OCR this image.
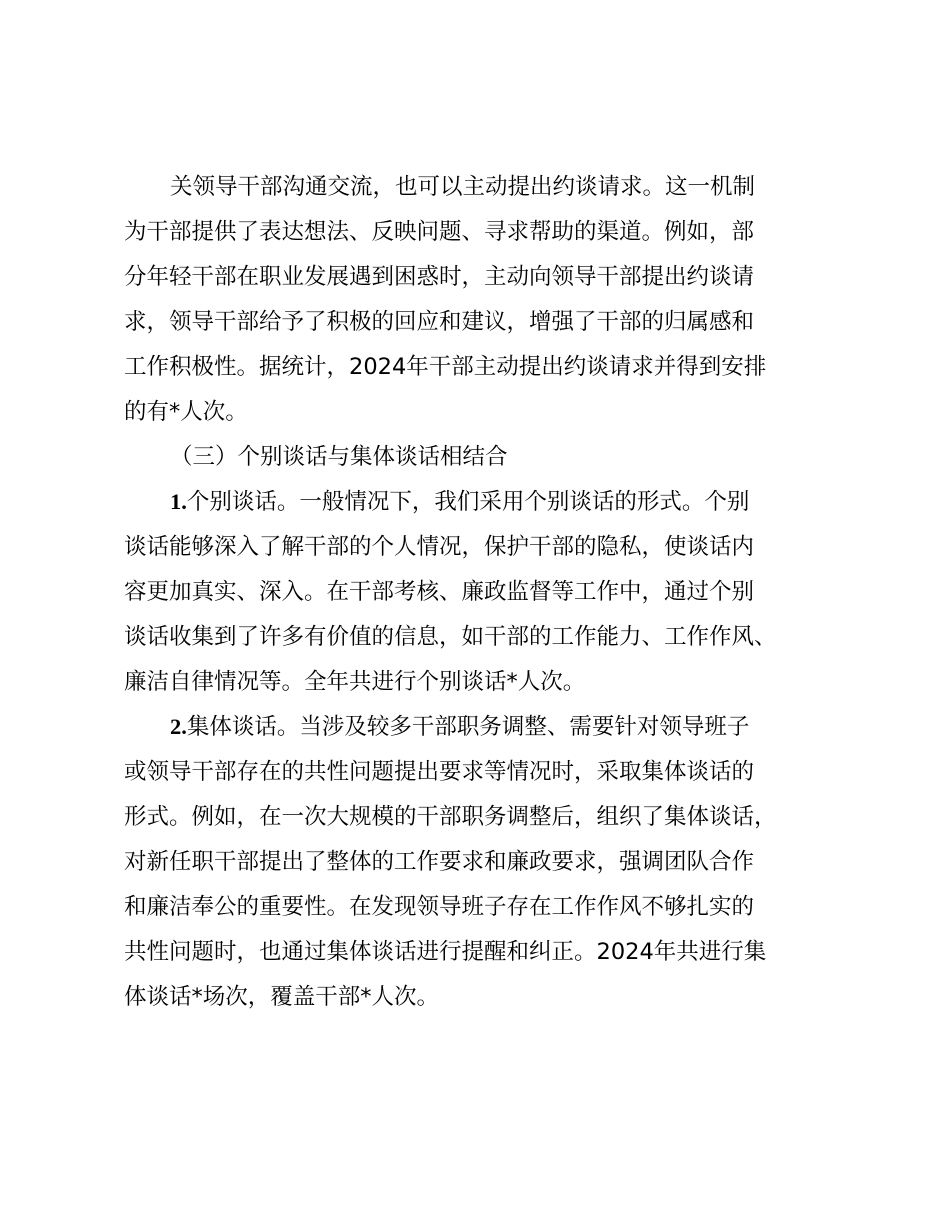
关领导干部沟通交流，也可以主动提出约谈请求。这一机制

为干部提供了表达想法、反映问题、寻求帮助的渠道。例如，部

分年轻干部在职业发展遇到困惑时，主动向领导干部提出约谈请

求，领导干部给予了积极的回应和建议，增强了干部的归属感和

工作积极性。据统计，2024年干部主动提出约谈请求并得到安排

的有*人次。

（三）个别谈话与集体谈话相结合

1.个别谈话。一般情况下，我们采用个别谈话的形式。个别

谈话能够深入了解干部的个人情况，保护干部的隐私，使谈话内

容更加真实、深入。在干部考核、廉政监督等工作中，通过个别

谈话收集到了许多有价值的信息，如干部的工作能力、工作作风、

廉洁自律情况等。全年共进行个别谈话*人次。

2.集体谈话。当涉及较多干部职务调整、需要针对领导班子

或领导干部存在的共性问题提出要求等情况时，采取集体谈话的

形式。例如，在一次大规模的干部职务调整后，组织了集体谈话，

对新任职干部提出了整体的工作要求和廉政要求，强调团队合作

和廉洁奉公的重要性。在发现领导班子存在工作作风不够扎实的

共性问题时，也通过集体谈话进行提醒和纠正。2024年共进行集

体谈话*场次，覆盖干部*人次。
